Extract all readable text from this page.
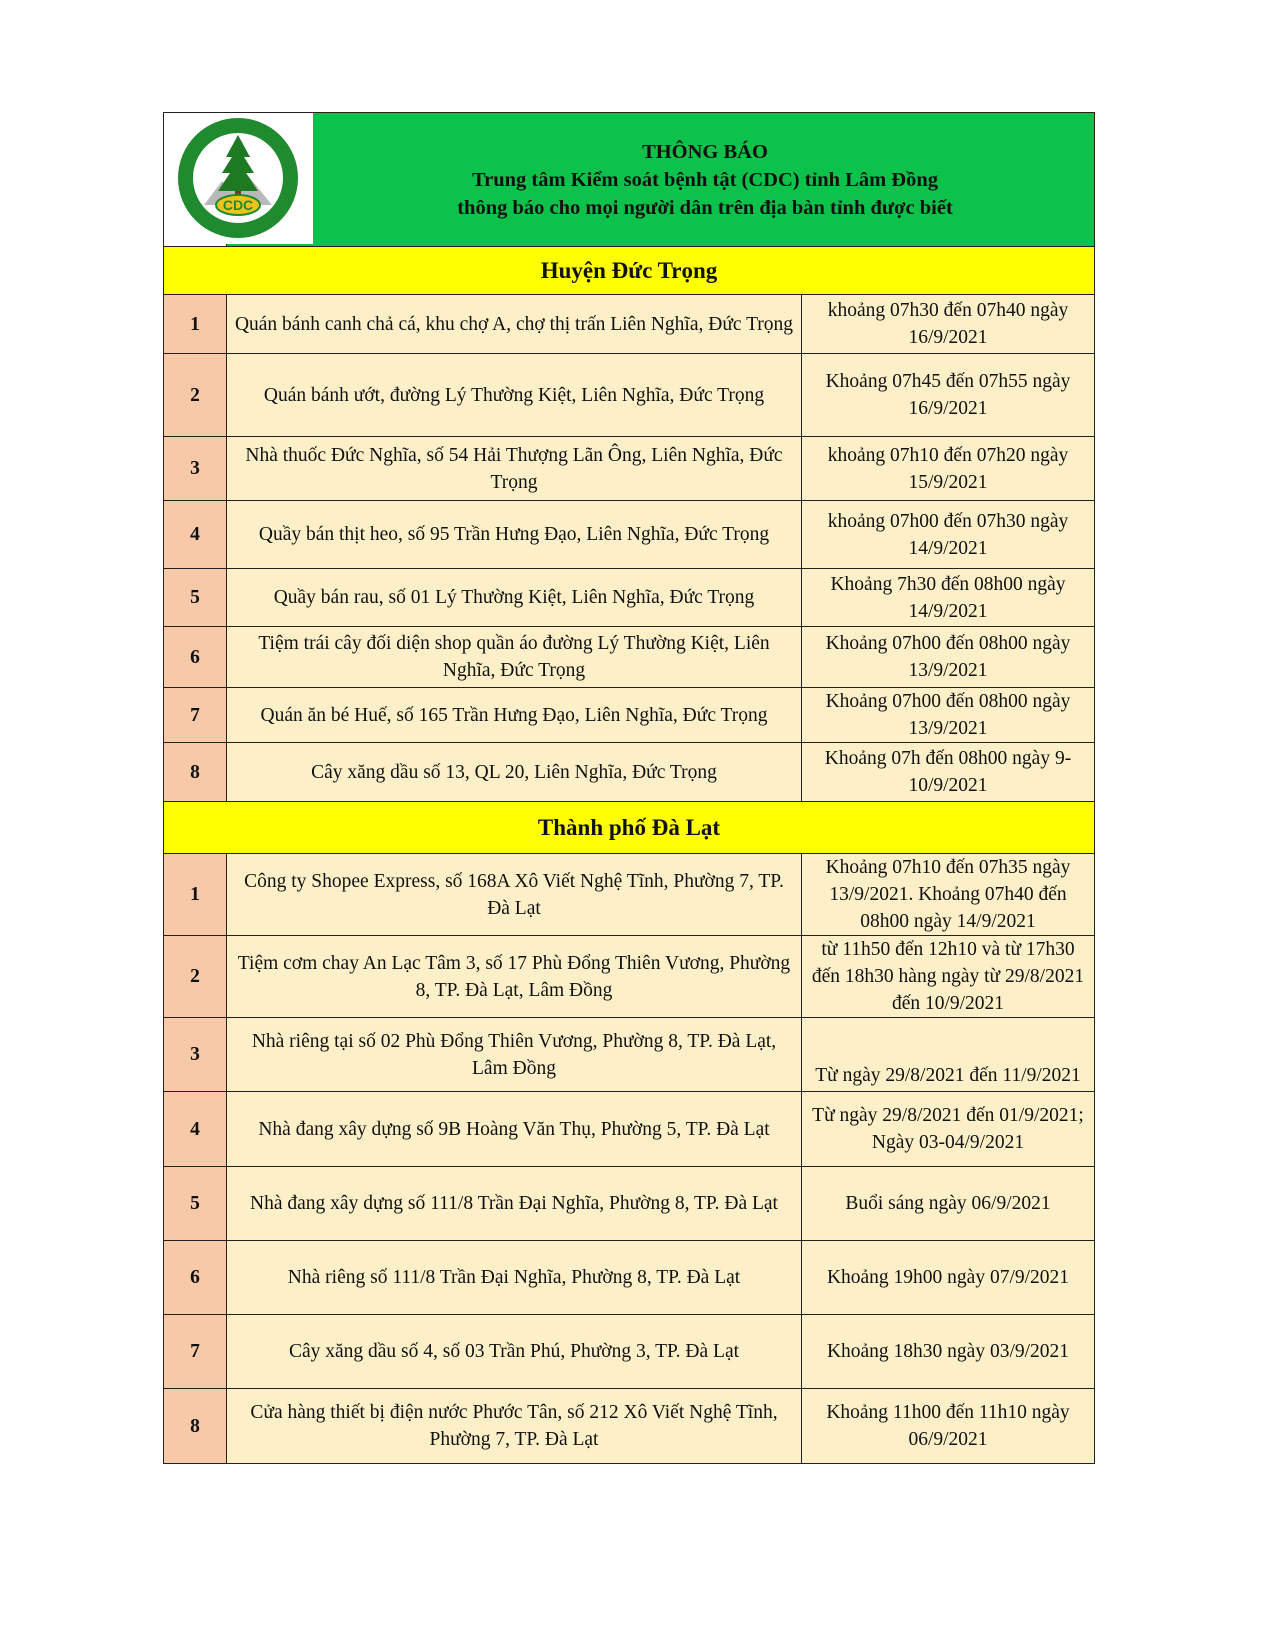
	THÔNG BÁO
Trung tâm Kiểm soát bệnh tật (CDC) tỉnh Lâm Đồng
thông báo cho mọi người dân trên địa bàn tỉnh được biết	

Huyện Đức Trọng		
1	Quán bánh canh chả cá, khu chợ A, chợ thị trấn Liên Nghĩa, Đức Trọng	khoảng 07h30 đến 07h40 ngày 16/9/2021
2	Quán bánh ướt, đường Lý Thường Kiệt, Liên Nghĩa, Đức Trọng	Khoảng 07h45 đến 07h55 ngày 16/9/2021
3	Nhà thuốc Đức Nghĩa, số 54 Hải Thượng Lãn Ông, Liên Nghĩa, Đức Trọng	khoảng 07h10 đến 07h20 ngày 15/9/2021
4	Quầy bán thịt heo, số 95 Trần Hưng Đạo, Liên Nghĩa, Đức Trọng	khoảng 07h00 đến 07h30 ngày 14/9/2021
5	Quầy bán rau, số 01 Lý Thường Kiệt, Liên Nghĩa, Đức Trọng	Khoảng 7h30 đến 08h00 ngày 14/9/2021
6	Tiệm trái cây đối diện shop quần áo đường Lý Thường Kiệt, Liên Nghĩa, Đức Trọng	Khoảng 07h00 đến 08h00 ngày 13/9/2021
7	Quán ăn bé Huế, số 165 Trần Hưng Đạo, Liên Nghĩa, Đức Trọng	Khoảng 07h00 đến 08h00 ngày 13/9/2021
8	Cây xăng dầu số 13, QL 20, Liên Nghĩa, Đức Trọng	Khoảng 07h đến 08h00 ngày 9-10/9/2021
Thành phố Đà Lạt		
1	Công ty Shopee Express, số 168A Xô Viết Nghệ Tĩnh, Phường 7, TP. Đà Lạt	Khoảng 07h10 đến 07h35 ngày 13/9/2021. Khoảng 07h40 đến 08h00 ngày 14/9/2021
2	Tiệm cơm chay An Lạc Tâm 3, số 17 Phù Đổng Thiên Vương, Phường 8, TP. Đà Lạt, Lâm Đồng	từ 11h50 đến 12h10 và từ 17h30 đến 18h30 hàng ngày từ 29/8/2021 đến 10/9/2021
3	Nhà riêng tại số 02 Phù Đổng Thiên Vương, Phường 8, TP. Đà Lạt, Lâm Đồng	Từ ngày 29/8/2021 đến 11/9/2021
4	Nhà đang xây dựng số 9B Hoàng Văn Thụ, Phường 5, TP. Đà Lạt	Từ ngày 29/8/2021 đến 01/9/2021; Ngày 03-04/9/2021
5	Nhà đang xây dựng số 111/8 Trần Đại Nghĩa, Phường 8, TP. Đà Lạt	Buổi sáng ngày 06/9/2021
6	Nhà riêng số 111/8 Trần Đại Nghĩa, Phường 8, TP. Đà Lạt	Khoảng 19h00 ngày 07/9/2021
7	Cây xăng dầu số 4, số 03 Trần Phú, Phường 3, TP. Đà Lạt	Khoảng 18h30 ngày 03/9/2021
8	Cửa hàng thiết bị điện nước Phước Tân, số 212 Xô Viết Nghệ Tĩnh, Phường 7, TP. Đà Lạt	Khoảng 11h00 đến 11h10 ngày 06/9/2021
CDC
